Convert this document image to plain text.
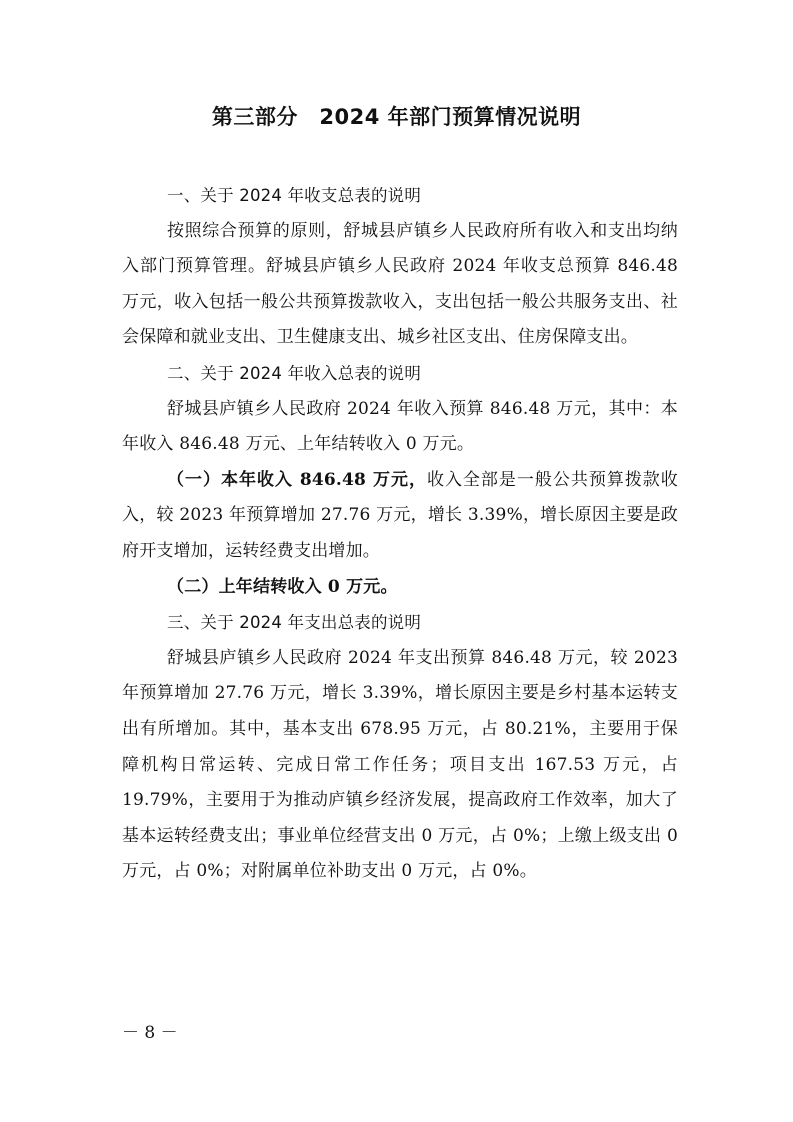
第三部分　2024 年部门预算情况说明

一、关于 2024 年收支总表的说明

按照综合预算的原则，舒城县庐镇乡人民政府所有收入和支出均纳入部门预算管理。舒城县庐镇乡人民政府 2024 年收支总预算 846.48 万元，收入包括一般公共预算拨款收入，支出包括一般公共服务支出、社会保障和就业支出、卫生健康支出、城乡社区支出、住房保障支出。

二、关于 2024 年收入总表的说明

舒城县庐镇乡人民政府 2024 年收入预算 846.48 万元，其中：本年收入 846.48 万元、上年结转收入 0 万元。

（一）本年收入 846.48 万元，收入全部是一般公共预算拨款收入，较 2023 年预算增加 27.76 万元，增长 3.39%，增长原因主要是政府开支增加，运转经费支出增加。

（二）上年结转收入 0 万元。

三、关于 2024 年支出总表的说明

舒城县庐镇乡人民政府 2024 年支出预算 846.48 万元，较 2023 年预算增加 27.76 万元，增长 3.39%，增长原因主要是乡村基本运转支出有所增加。其中，基本支出 678.95 万元，占 80.21%，主要用于保障机构日常运转、完成日常工作任务；项目支出 167.53 万元，占 19.79%，主要用于为推动庐镇乡经济发展，提高政府工作效率，加大了基本运转经费支出；事业单位经营支出 0 万元，占 0%；上缴上级支出 0 万元，占 0%；对附属单位补助支出 0 万元，占 0%。

－ 8 －
